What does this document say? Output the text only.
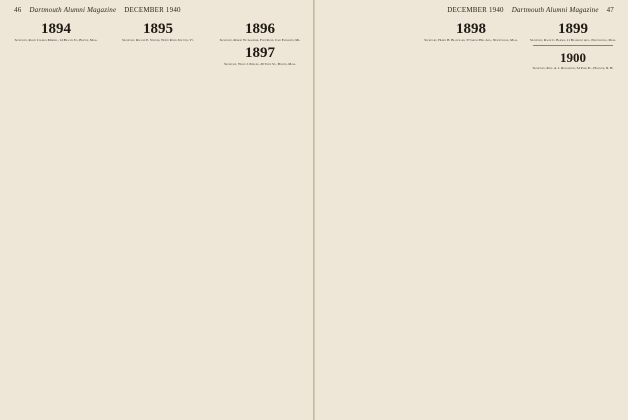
46 Dartmouth Alumni Magazine DECEMBER 1940
1894
Secretary, Ralph Charles Merrill, 14 Beacon St., Boston, Mass.
1895
Secretary, Roland E. Stevens, White River Junction, Vt.
1896
Secretary, Robert W. Gardner, Fort Rand, Cape Elizabeth, Me.
1897
Secretary, Wood J. Phillips, 20 State St., Boston, Mass.
DECEMBER 1940 Dartmouth Alumni Magazine 47
1898
Secretary, Harry H. Blanchard, 37 Grove Hill Ave., Newtonville, Mass.
1899
Secretary, Ralph C. Barnes, 11 Beaumont Ave., Newtonville, Mass.
1900
Secretary, Prof. A. J. Richardson, 54 Park Pl., Hanover, N. H.
